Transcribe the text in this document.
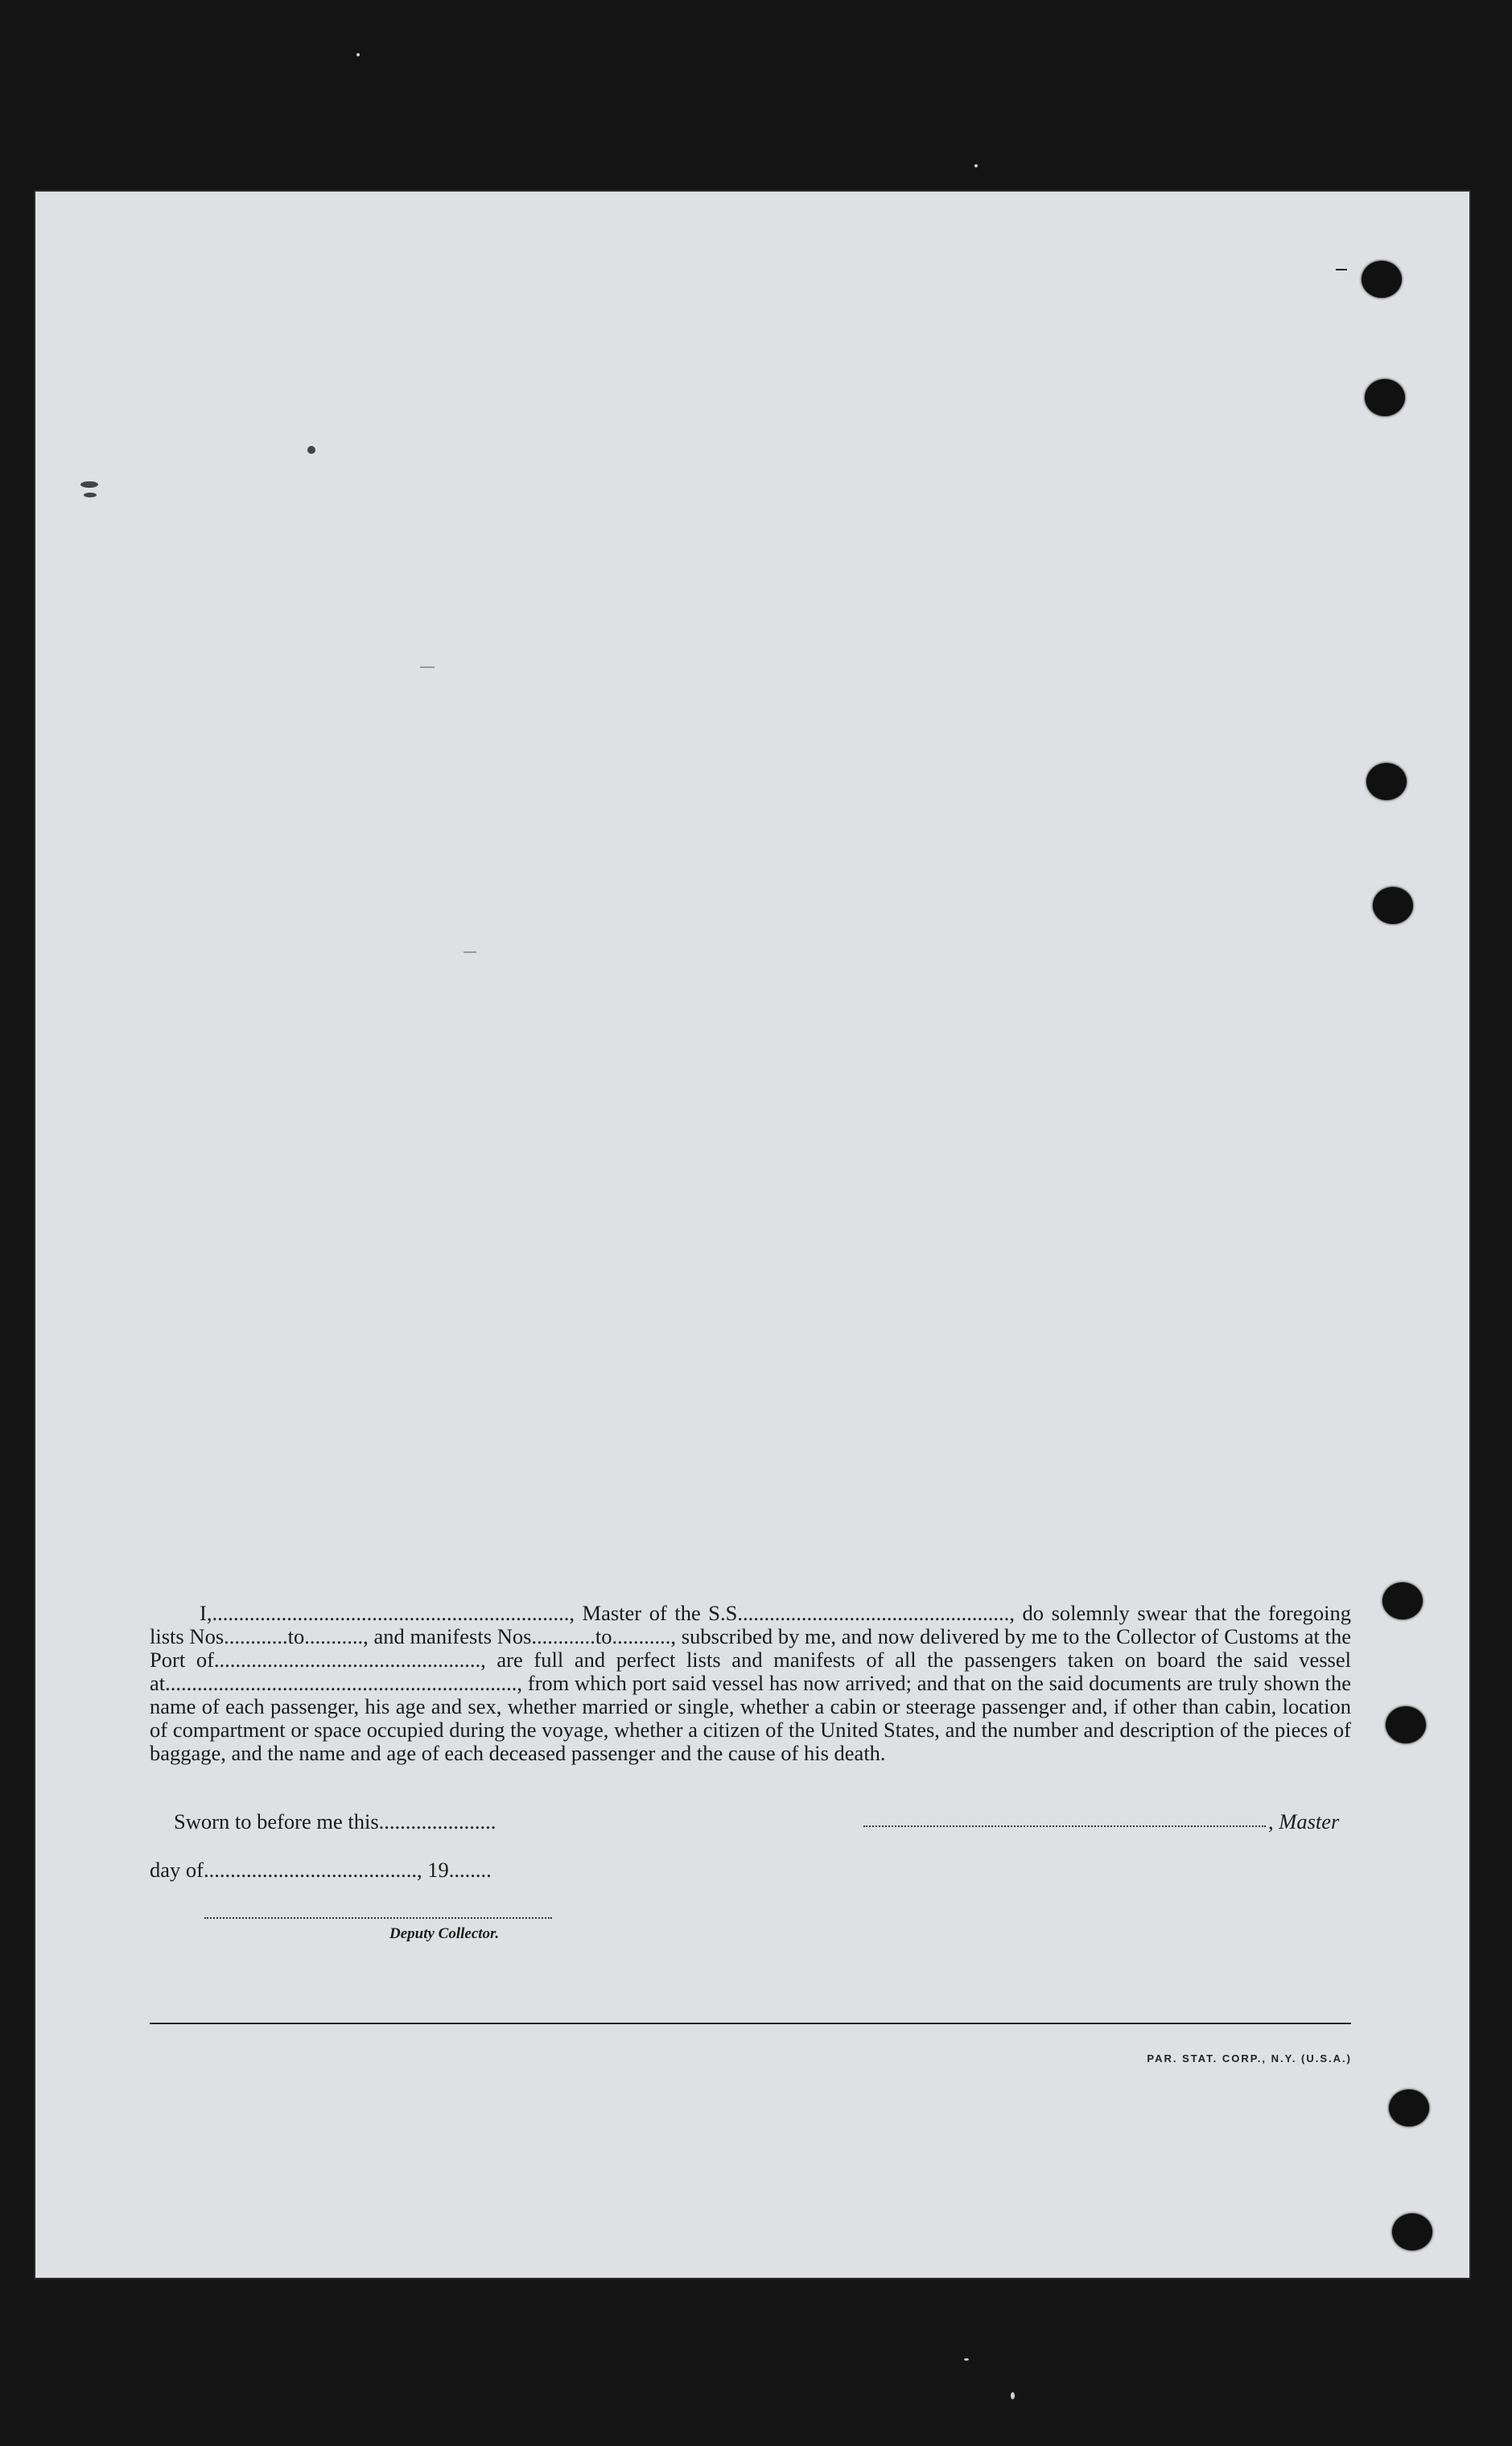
I,..................................................................., Master of the S.S..................................................., do solemnly swear that the foregoing lists Nos............to..........., and manifests Nos............to..........., subscribed by me, and now delivered by me to the Collector of Customs at the Port of.................................................., are full and perfect lists and manifests of all the passengers taken on board the said vessel at.................................................................., from which port said vessel has now arrived; and that on the said documents are truly shown the name of each passenger, his age and sex, whether married or single, whether a cabin or steerage passenger and, if other than cabin, location of compartment or space occupied during the voyage, whether a citizen of the United States, and the number and description of the pieces of baggage, and the name and age of each deceased passenger and the cause of his death.

Sworn to before me this......................	, Master
day of........................................, 19........
Deputy Collector.
PAR. STAT. CORP., N.Y. (U.S.A.)
